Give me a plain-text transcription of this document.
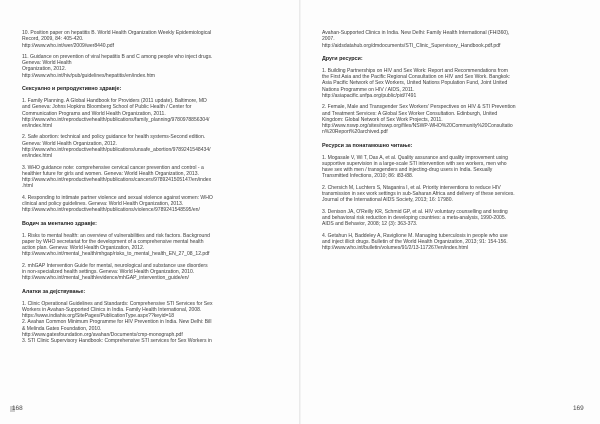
10. Position paper on hepatitis B. World Health Organization Weekly Epidemiological
Record, 2009, 84: 405-420.
http://www.who.int/wer/2009/wer8440.pdf

11. Guidance on prevention of viral hepatitis B and C among people who inject drugs.
Geneva: World Health
Organization, 2012.
http://www.who.int/hiv/pub/guidelines/hepatitis/en/index.htm

Сексуално и репродуктивно здравје:

1. Family Planning. A Global Handbook for Providers (2011 update). Baltimore, MD
and Geneva: Johns Hopkins Bloomberg School of Public Health / Center for
Communication Programs and World Health Organization, 2011.
http://www.who.int/reproductivehealth/publications/family_planning/9780978856304/
en/index.html

2. Safe abortion: technical and policy guidance for health systems-Second edition.
Geneva: World Health Organization, 2012.
http://www.who.int/reproductivehealth/publications/unsafe_abortion/9789241548434/
en/index.html

3. WHO guidance note: comprehensive cervical cancer prevention and control - a
healthier future for girls and women. Geneva: World Health Organization, 2013.
http://www.who.int/reproductivehealth/publications/cancers/9789241505147/en/index
.html

4. Responding to intimate partner violence and sexual violence against women: WHO
clinical and policy guidelines. Geneva: World Health Organization, 2013.
http://www.who.int/reproductivehealth/publications/violence/9789241548595/en/

Водич за ментално здравје:

1. Risks to mental health: an overview of vulnerabilities and risk factors. Background
paper by WHO secretariat for the development of a comprehensive mental health
action plan. Geneva: World Health Organization, 2012.
http://www.who.int/mental_health/mhgap/risks_to_mental_health_EN_27_08_12.pdf

2. mhGAP Intervention Guide for mental, neurological and substance use disorders
in non-specialized health settings. Geneva: World Health Organization, 2010.
http://www.who.int/mental_health/evidence/mhGAP_intervention_guide/en/

Алатки за дејствување:

1. Clinic Operational Guidelines and Standards: Comprehensive STI Services for Sex
Workers in Avahan-Supported Clinics in India. Family Health International, 2008.
https://www.indiahiv.org/SitePages/PublicationType.aspx??keyid=18
2. Avahan Common Minimum Programme for HIV Prevention in India. New Delhi: Bill
& Melinda Gates Foundation, 2010.
http://www.gatesfoundation.org/avahan/Documents/cmp-monograph.pdf
3. STI Clinic Supervisory Handbook: Comprehensive STI services for Sex Workers in

168

Avahan-Supported Clinics in India. New Delhi: Family Health International (FHI360),
2007.
http://aidsdatahub.org/dmdocuments/STI_Clinic_Supervisory_Handbook.pdf.pdf

Други ресурси:

1. Building Partnerships on HIV and Sex Work: Report and Recommendations from
the First Asia and the Pacific Regional Consultation on HIV and Sex Work. Bangkok:
Asia Pacific Network of Sex Workers, United Nations Population Fund, Joint United
Nations Programme on HIV / AIDS, 2011.
http://asiapacific.unfpa.org/public/pid/7491

2. Female, Male and Transgender Sex Workers' Perspectives on HIV & STI Prevention
and Treatment Services: A Global Sex Worker Consultation. Edinburgh, United
Kingdom: Global Network of Sex Work Projects, 2011.
http://www.nswp.org/sites/nswp.org/files/NSWP-WHO%20Community%20Consultatio
n%20Report%20archived.pdf

Ресурси за понатамошно читање:

1. Mogasale V, Wi T, Das A, et al. Quality assurance and quality improvement using
supportive supervision in a large-scale STI intervention with sex workers, men who
have sex with men / transgenders and injecting-drug users in India. Sexually
Transmitted Infections, 2010; 86: i83-i88.

2. Chersich M, Luchters S, Ntaganira I, et al. Priority interventions to reduce HIV
transmission in sex work settings in sub-Saharan Africa and delivery of these services.
Journal of the International AIDS Society, 2013; 16: 17980.

3. Denison JA, O'Reilly KR, Schmid GP, et al. HIV voluntary counselling and testing
and behavioral risk reduction in developing countries: a meta-analysis, 1990-2005.
AIDS and Behavior, 2008; 12 (3): 363-373.

4. Getahun H, Baddeley A, Raviglione M. Managing tuberculosis in people who use
and inject illicit drugs. Bulletin of the World Health Organization, 2013; 91: 154-156.
http://www.who.int/bulletin/volumes/91/2/13-117267/en/index.html

169
